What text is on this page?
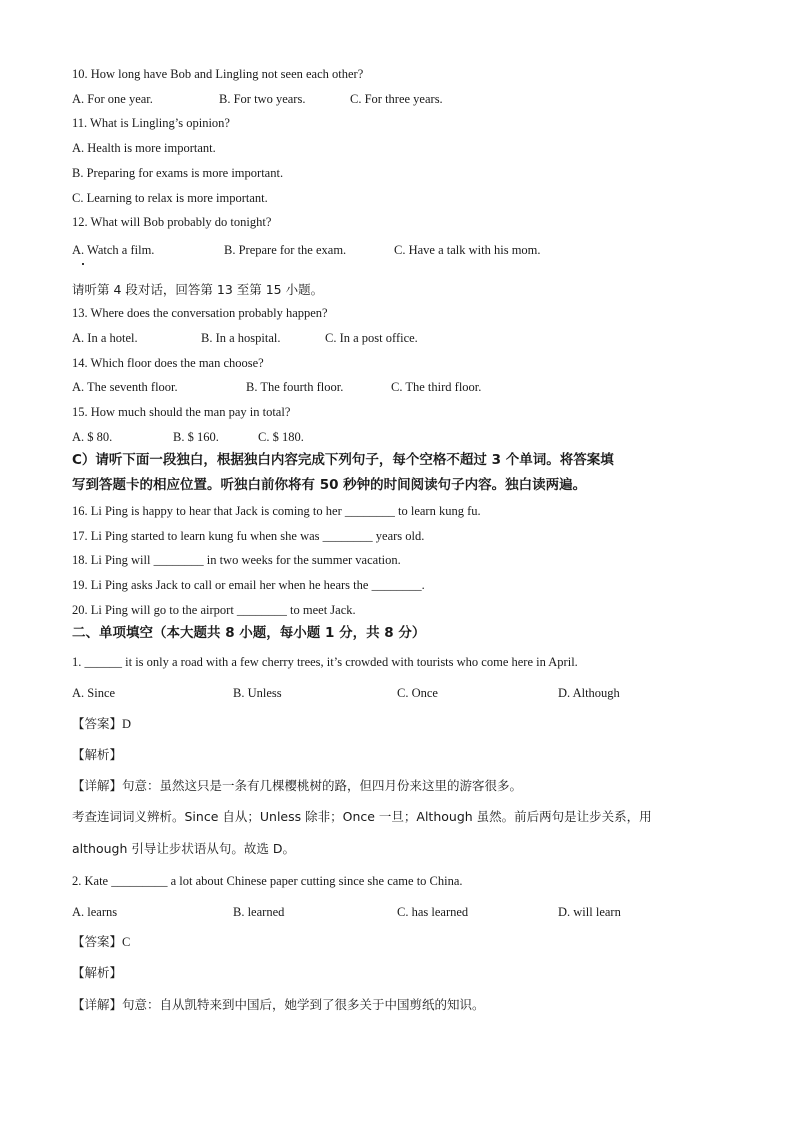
10. How long have Bob and Lingling not seen each other?
A. For one year.	B. For two years.	C. For three years.
11. What is Lingling’s opinion?
A. Health is more important.
B. Preparing for exams is more important.
C. Learning to relax is more important.
12. What will Bob probably do tonight?
A. Watch a film.	B. Prepare for the exam.	C. Have a talk with his mom.
请听第 4 段对话，回答第 13 至第 15 小题。
13. Where does the conversation probably happen?
A. In a hotel.	B. In a hospital.	C. In a post office.
14. Which floor does the man choose?
A. The seventh floor.	B. The fourth floor.	C. The third floor.
15. How much should the man pay in total?
A. $ 80.	B. $ 160.	C. $ 180.
C）请听下面一段独白，根据独白内容完成下列句子，每个空格不超过 3 个单词。将答案填
写到答题卡的相应位置。听独白前你将有 50 秒钟的时间阅读句子内容。独白读两遍。
16. Li Ping is happy to hear that Jack is coming to her ________ to learn kung fu.
17. Li Ping started to learn kung fu when she was ________ years old.
18. Li Ping will ________ in two weeks for the summer vacation.
19. Li Ping asks Jack to call or email her when he hears the ________.
20. Li Ping will go to the airport ________ to meet Jack.
二、单项填空（本大题共 8 小题，每小题 1 分，共 8 分）
1. ______ it is only a road with a few cherry trees, it’s crowded with tourists who come here in April.
A. Since	B. Unless	C. Once	D. Although
【答案】D
【解析】
【详解】句意：虽然这只是一条有几棵樱桃树的路，但四月份来这里的游客很多。
考查连词词义辨析。Since 自从；Unless 除非；Once 一旦；Although 虽然。前后两句是让步关系，用
although 引导让步状语从句。故选 D。
2. Kate _________ a lot about Chinese paper cutting since she came to China.
A. learns	B. learned	C. has learned	D. will learn
【答案】C
【解析】
【详解】句意：自从凯特来到中国后，她学到了很多关于中国剪纸的知识。
